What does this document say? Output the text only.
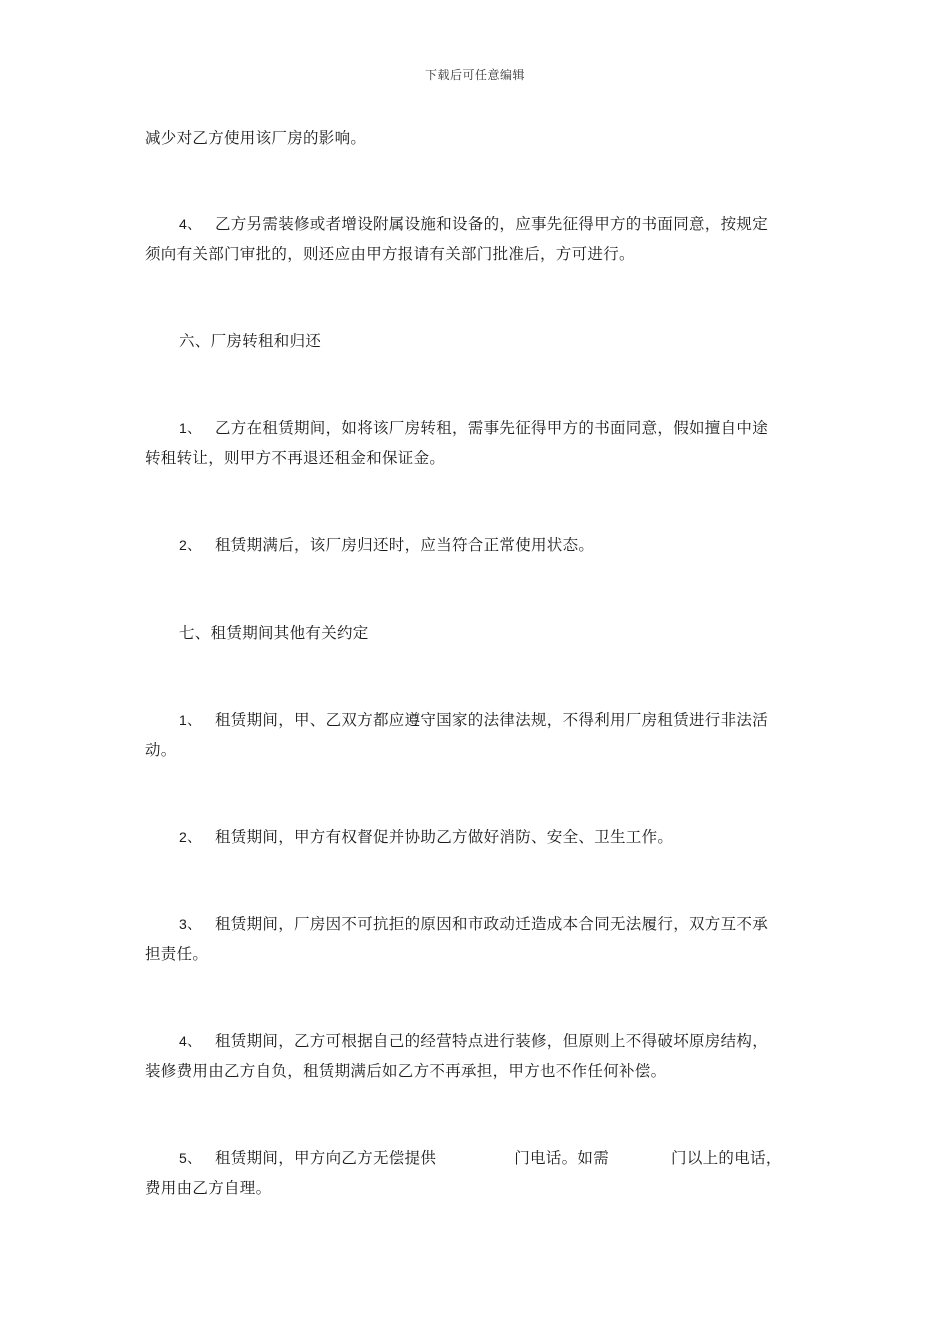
下载后可任意编辑
减少对乙方使用该厂房的影响。
4、 乙方另需装修或者增设附属设施和设备的，应事先征得甲方的书面同意，按规定
须向有关部门审批的，则还应由甲方报请有关部门批准后，方可进行。
六、厂房转租和归还
1、 乙方在租赁期间，如将该厂房转租，需事先征得甲方的书面同意，假如擅自中途
转租转让，则甲方不再退还租金和保证金。
2、 租赁期满后，该厂房归还时，应当符合正常使用状态。
七、租赁期间其他有关约定
1、 租赁期间，甲、乙双方都应遵守国家的法律法规，不得利用厂房租赁进行非法活
动。
2、 租赁期间，甲方有权督促并协助乙方做好消防、安全、卫生工作。
3、 租赁期间，厂房因不可抗拒的原因和市政动迁造成本合同无法履行，双方互不承
担责任。
4、 租赁期间，乙方可根据自己的经营特点进行装修，但原则上不得破坏原房结构，
装修费用由乙方自负，租赁期满后如乙方不再承担，甲方也不作任何补偿。
5、 租赁期间，甲方向乙方无偿提供	门电话。如需	门以上的电话，
费用由乙方自理。
